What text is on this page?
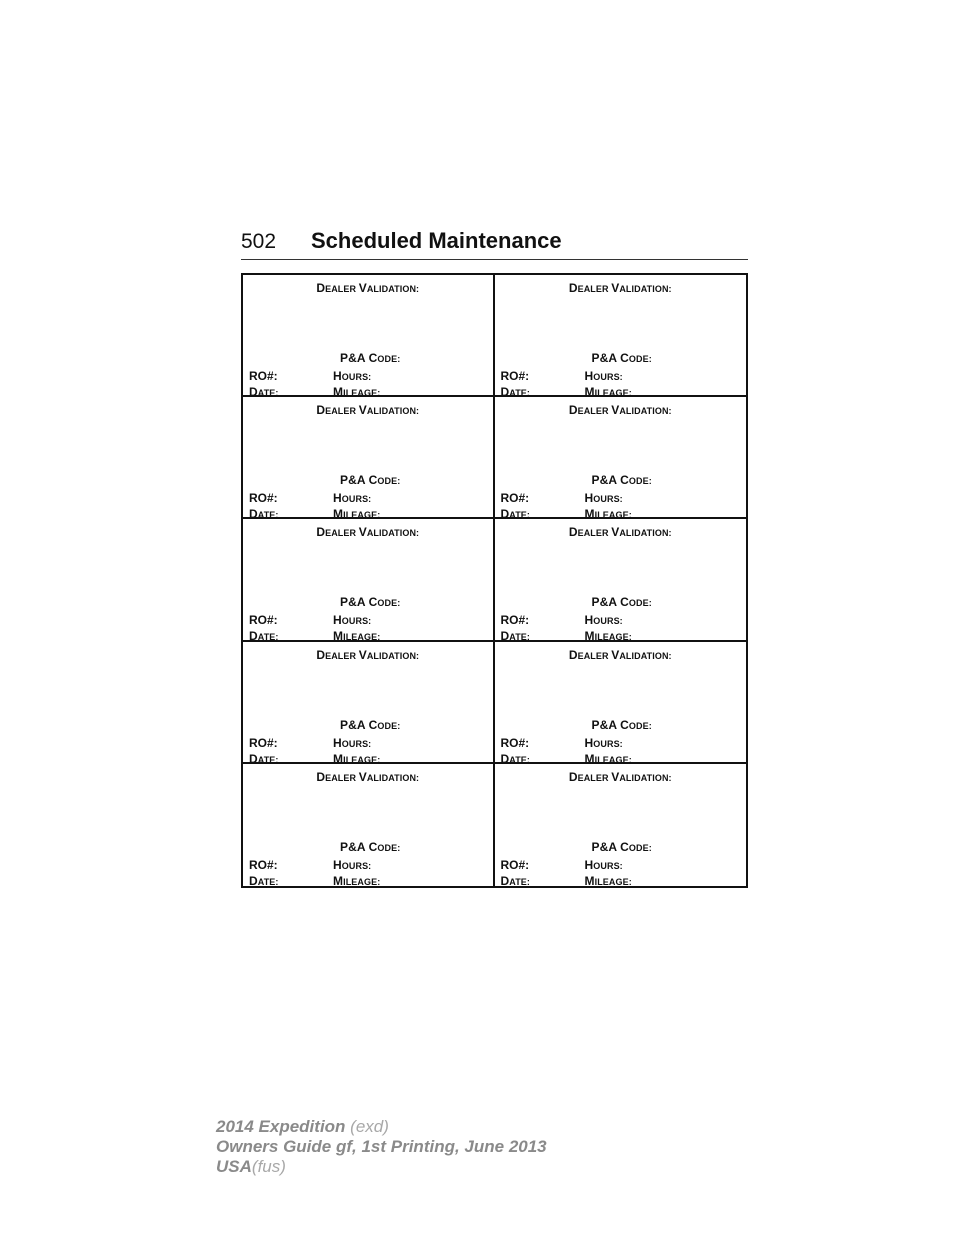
502 Scheduled Maintenance
DEALER VALIDATION:
P&A CODE:
RO#:	HOURS:
DATE:	MILEAGE:
DEALER VALIDATION:
P&A CODE:
RO#:	HOURS:
DATE:	MILEAGE:
DEALER VALIDATION:
P&A CODE:
RO#:	HOURS:
DATE:	MILEAGE:
DEALER VALIDATION:
P&A CODE:
RO#:	HOURS:
DATE:	MILEAGE:
DEALER VALIDATION:
P&A CODE:
RO#:	HOURS:
DATE:	MILEAGE:
DEALER VALIDATION:
P&A CODE:
RO#:	HOURS:
DATE:	MILEAGE:
DEALER VALIDATION:
P&A CODE:
RO#:	HOURS:
DATE:	MILEAGE:
DEALER VALIDATION:
P&A CODE:
RO#:	HOURS:
DATE:	MILEAGE:
DEALER VALIDATION:
P&A CODE:
RO#:	HOURS:
DATE:	MILEAGE:
DEALER VALIDATION:
P&A CODE:
RO#:	HOURS:
DATE:	MILEAGE:
2014 Expedition (exd)
Owners Guide gf, 1st Printing, June 2013
USA(fus)
